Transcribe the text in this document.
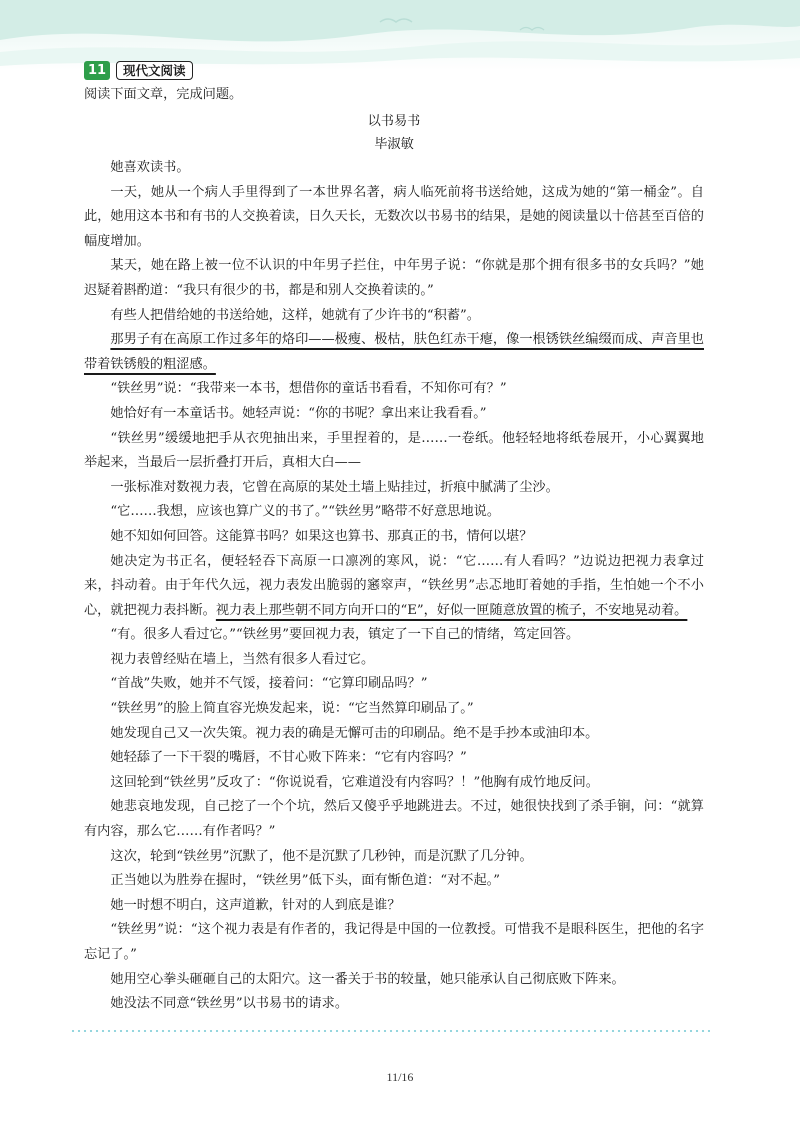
11	现代文阅读

阅读下面文章，完成问题。

以书易书

毕淑敏

她喜欢读书。

一天，她从一个病人手里得到了一本世界名著，病人临死前将书送给她，这成为她的“第一桶金”。自此，她用这本书和有书的人交换着读，日久天长，无数次以书易书的结果，是她的阅读量以十倍甚至百倍的幅度增加。

某天，她在路上被一位不认识的中年男子拦住，中年男子说：“你就是那个拥有很多书的女兵吗？”她迟疑着斟酌道：“我只有很少的书，都是和别人交换着读的。”

有些人把借给她的书送给她，这样，她就有了少许书的“积蓄”。

那男子有在高原工作过多年的烙印——极瘦、极枯，肤色红赤干瘪，像一根锈铁丝编缀而成、声音里也带着铁锈般的粗涩感。

“铁丝男”说：“我带来一本书，想借你的童话书看看，不知你可有？”

她恰好有一本童话书。她轻声说：“你的书呢？拿出来让我看看。”

“铁丝男”缓缓地把手从衣兜抽出来，手里捏着的，是……一卷纸。他轻轻地将纸卷展开，小心翼翼地举起来，当最后一层折叠打开后，真相大白——

一张标准对数视力表，它曾在高原的某处土墙上贴挂过，折痕中腻满了尘沙。

“它……我想，应该也算广义的书了。”“铁丝男”略带不好意思地说。

她不知如何回答。这能算书吗？如果这也算书、那真正的书，情何以堪？

她决定为书正名，便轻轻吞下高原一口凛冽的寒风，说：“它……有人看吗？”边说边把视力表拿过来，抖动着。由于年代久远，视力表发出脆弱的窸窣声，“铁丝男”忐忑地盯着她的手指，生怕她一个不小心，就把视力表抖断。视力表上那些朝不同方向开口的“E”，好似一匣随意放置的梳子，不安地晃动着。

“有。很多人看过它。”“铁丝男”要回视力表，镇定了一下自己的情绪，笃定回答。

视力表曾经贴在墙上，当然有很多人看过它。

“首战”失败，她并不气馁，接着问：“它算印刷品吗？”

“铁丝男”的脸上简直容光焕发起来，说：“它当然算印刷品了。”

她发现自己又一次失策。视力表的确是无懈可击的印刷品。绝不是手抄本或油印本。

她轻舔了一下干裂的嘴唇，不甘心败下阵来：“它有内容吗？”

这回轮到“铁丝男”反攻了：“你说说看，它难道没有内容吗？！”他胸有成竹地反问。

她悲哀地发现，自己挖了一个个坑，然后又傻乎乎地跳进去。不过，她很快找到了杀手锏，问：“就算有内容，那么它……有作者吗？”

这次，轮到“铁丝男”沉默了，他不是沉默了几秒钟，而是沉默了几分钟。

正当她以为胜券在握时，“铁丝男”低下头，面有惭色道：“对不起。”

她一时想不明白，这声道歉，针对的人到底是谁？

“铁丝男”说：“这个视力表是有作者的，我记得是中国的一位教授。可惜我不是眼科医生，把他的名字忘记了。”

她用空心拳头砸砸自己的太阳穴。这一番关于书的较量，她只能承认自己彻底败下阵来。

她没法不同意“铁丝男”以书易书的请求。

11/16
